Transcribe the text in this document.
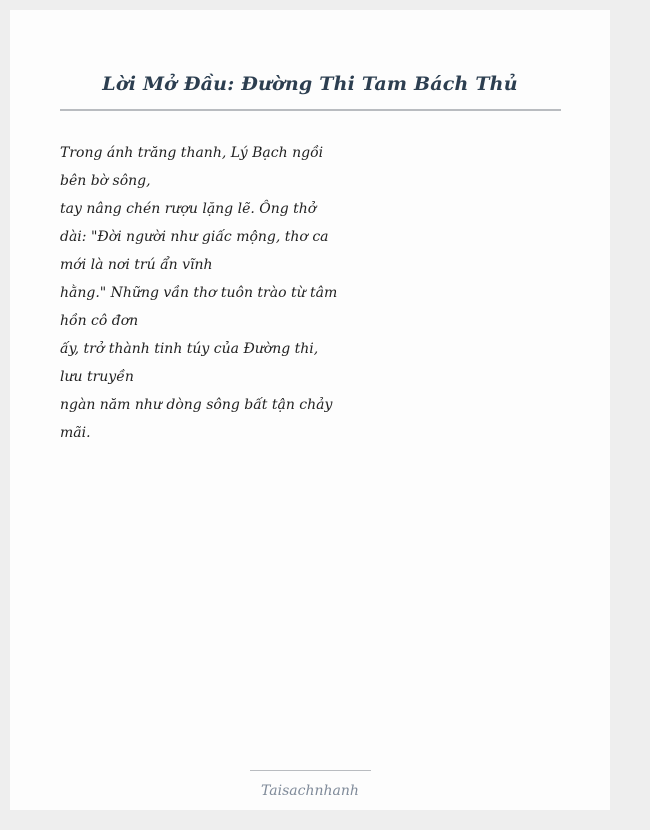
Lời Mở Đầu: Đường Thi Tam Bách Thủ
Trong ánh trăng thanh, Lý Bạch ngồi bên bờ sông,
tay nâng chén rượu lặng lẽ. Ông thở dài: "Đời người như giấc mộng, thơ ca mới là nơi trú ẩn vĩnh
hằng." Những vần thơ tuôn trào từ tâm hồn cô đơn
ấy, trở thành tinh túy của Đường thi, lưu truyền
ngàn năm như dòng sông bất tận chảy mãi.
Taisachnhanh
